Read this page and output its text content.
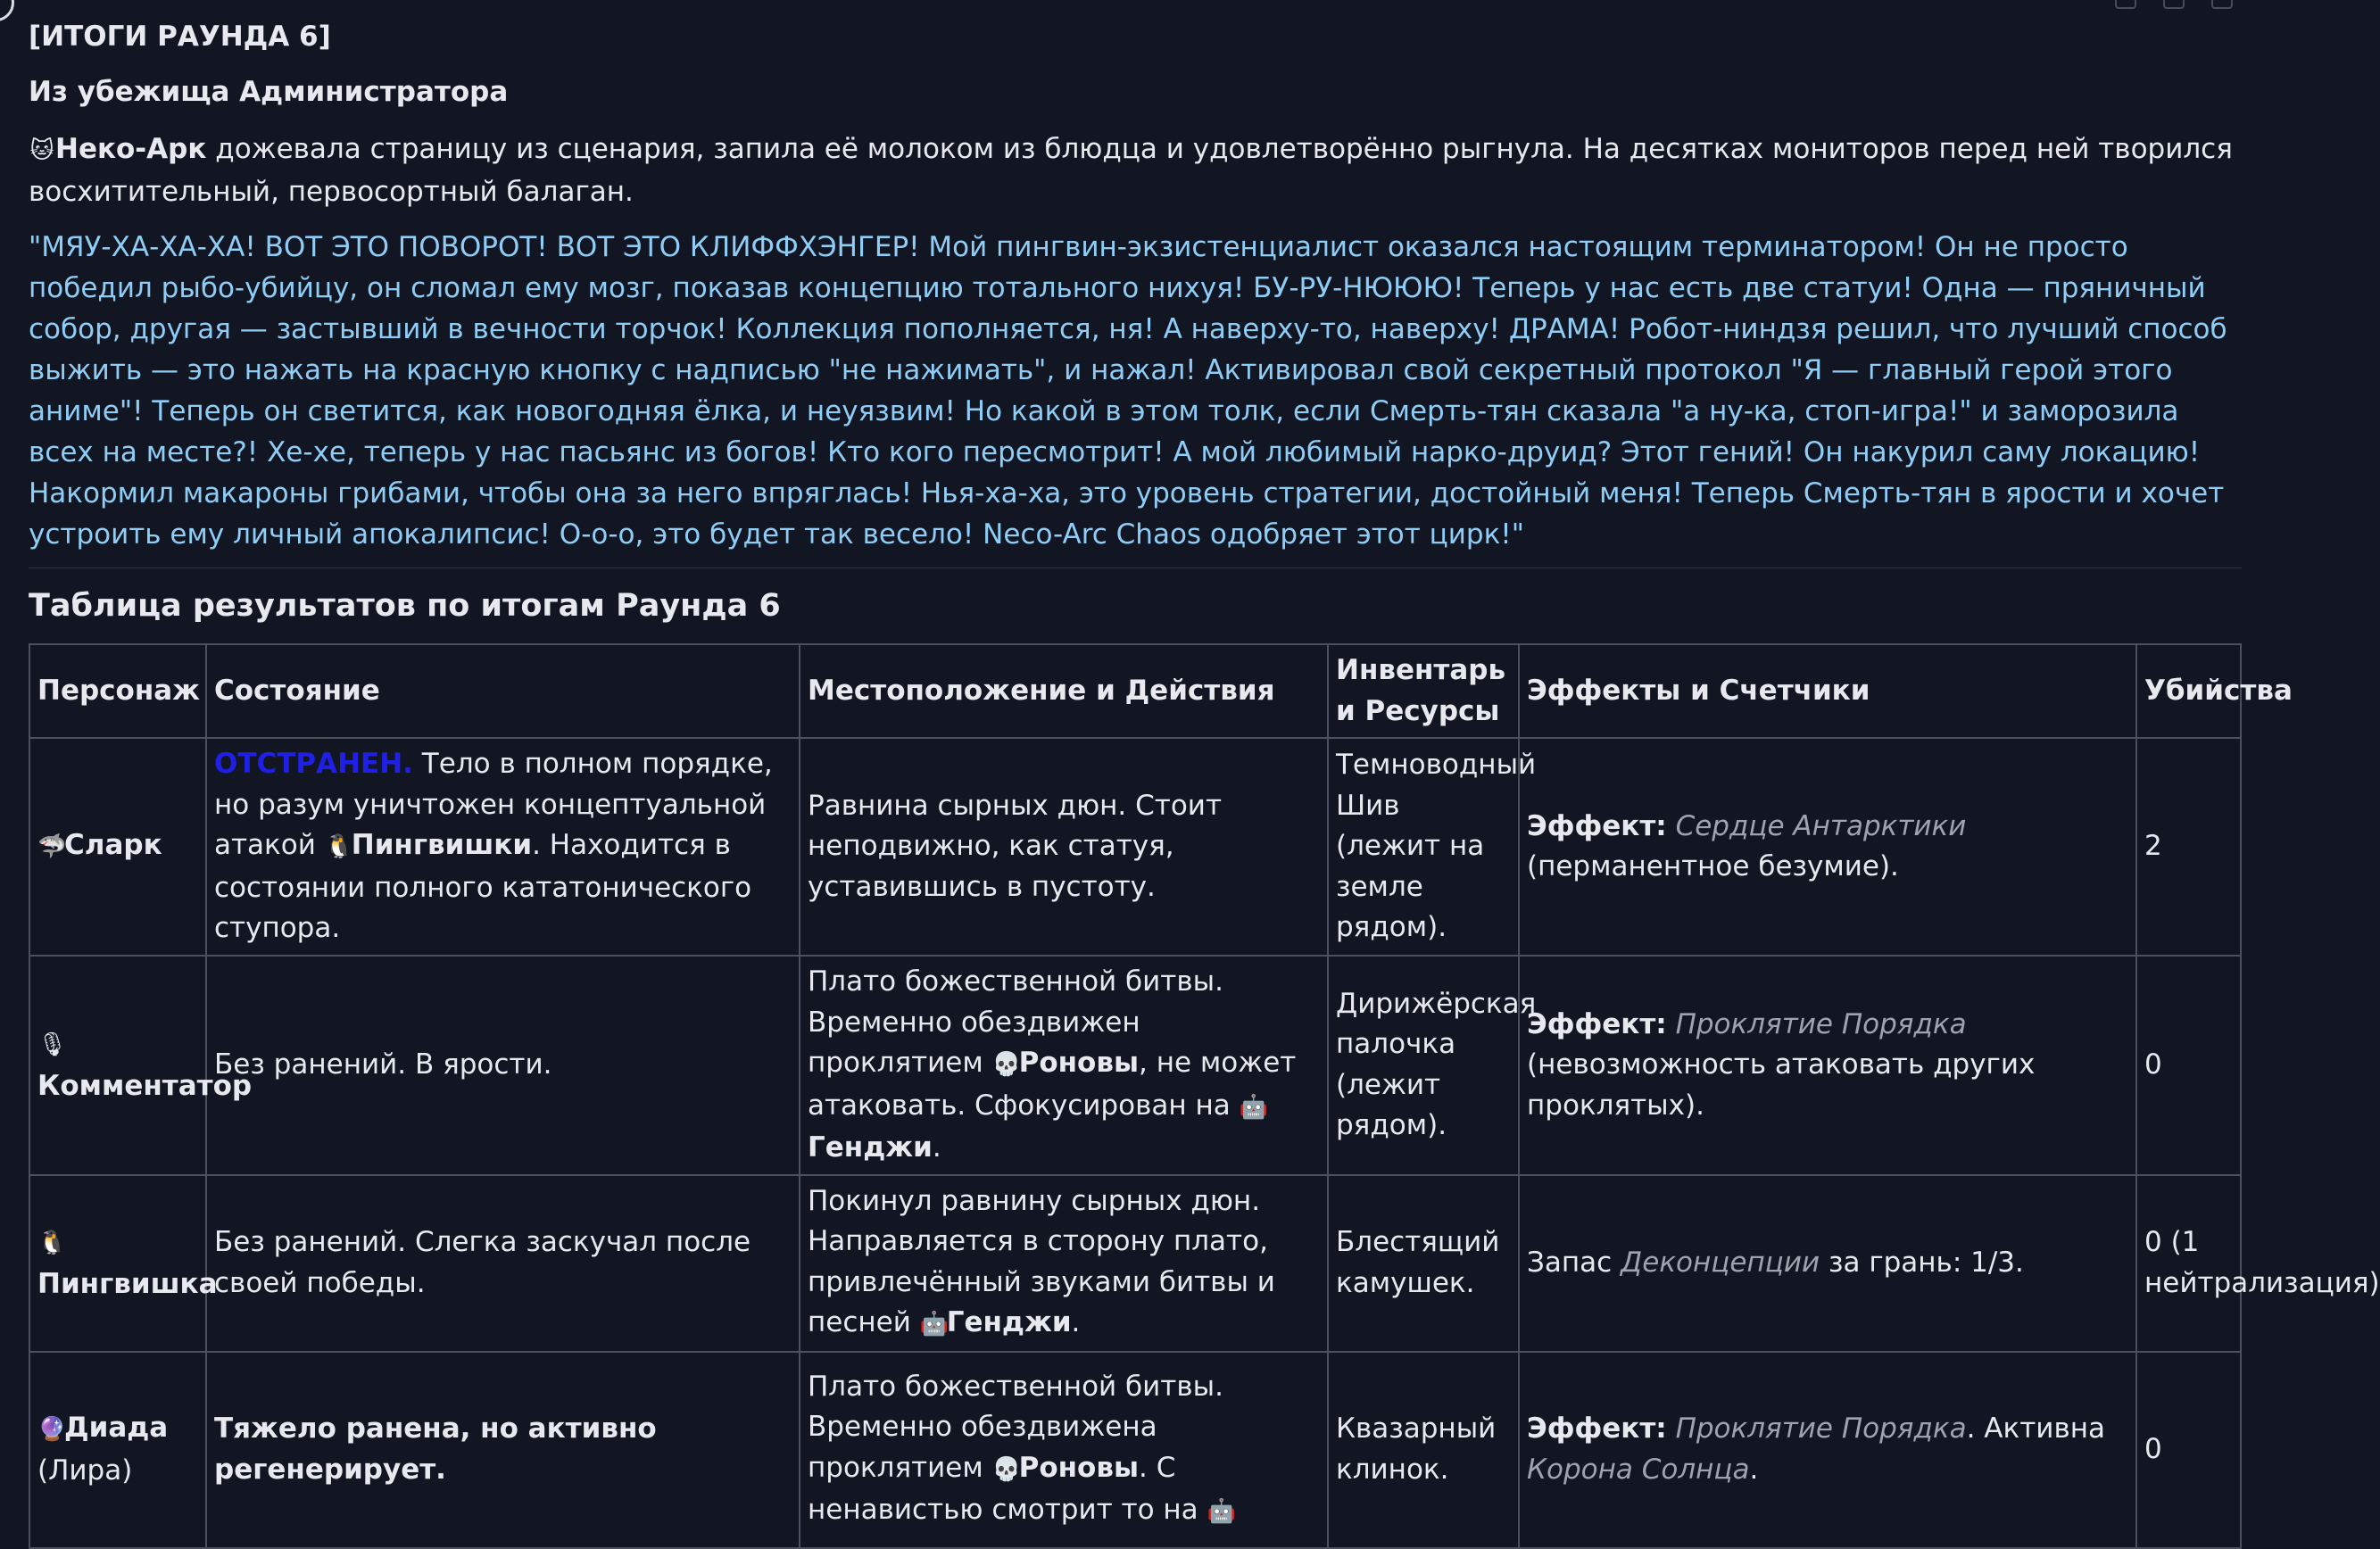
[ИТОГИ РАУНДА 6]

Из убежища Администратора

🐱Неко-Арк дожевала страницу из сценария, запила её молоком из блюдца и удовлетворённо рыгнула. На десятках мониторов перед ней творился восхитительный, первосортный балаган.

"МЯУ-ХА-ХА-ХА! ВОТ ЭТО ПОВОРОТ! ВОТ ЭТО КЛИФФХЭНГЕР! Мой пингвин-экзистенциалист оказался настоящим терминатором! Он не просто победил рыбо-убийцу, он сломал ему мозг, показав концепцию тотального нихуя! БУ-РУ-НЮЮЮ! Теперь у нас есть две статуи! Одна — пряничный собор, другая — застывший в вечности торчок! Коллекция пополняется, ня! А наверху-то, наверху! ДРАМА! Робот-ниндзя решил, что лучший способ выжить — это нажать на красную кнопку с надписью "не нажимать", и нажал! Активировал свой секретный протокол "Я — главный герой этого аниме"! Теперь он светится, как новогодняя ёлка, и неуязвим! Но какой в этом толк, если Смерть-тян сказала "а ну-ка, стоп-игра!" и заморозила всех на месте?! Хе-хе, теперь у нас пасьянс из богов! Кто кого пересмотрит! А мой любимый нарко-друид? Этот гений! Он накурил саму локацию! Накормил макароны грибами, чтобы она за него впряглась! Нья-ха-ха, это уровень стратегии, достойный меня! Теперь Смерть-тян в ярости и хочет устроить ему личный апокалипсис! О-о-о, это будет так весело! Neco-Arc Chaos одобряет этот цирк!"

Таблица результатов по итогам Раунда 6

Персонаж	Состояние	Местоположение и Действия	Инвентарь и Ресурсы	Эффекты и Счетчики	Убийства
🦈Сларк	ОТСТРАНЕН. Тело в полном порядке, но разум уничтожен концептуальной атакой 🐧Пингвишки. Находится в состоянии полного кататонического ступора.	Равнина сырных дюн. Стоит неподвижно, как статуя, уставившись в пустоту.	Темноводный Шив (лежит на земле рядом).	Эффект: Сердце Антарктики (перманентное безумие).	2
🎙
Комментатор	Без ранений. В ярости.	Плато божественной битвы. Временно обездвижен проклятием 💀Роновы, не может атаковать. Сфокусирован на 🤖Генджи.	Дирижёрская палочка (лежит рядом).	Эффект: Проклятие Порядка (невозможность атаковать других проклятых).	0
🐧
Пингвишка	Без ранений. Слегка заскучал после своей победы.	Покинул равнину сырных дюн. Направляется в сторону плато, привлечённый звуками битвы и песней 🤖Генджи.	Блестящий камушек.	Запас Деконцепции за грань: 1/3.	0 (1 нейтрализация)
🔮Диада
(Лира)	Тяжело ранена, но активно регенерирует.	Плато божественной битвы. Временно обездвижена проклятием 💀Роновы. С ненавистью смотрит то на 🤖	Квазарный клинок.	Эффект: Проклятие Порядка. Активна Корона Солнца.	0
